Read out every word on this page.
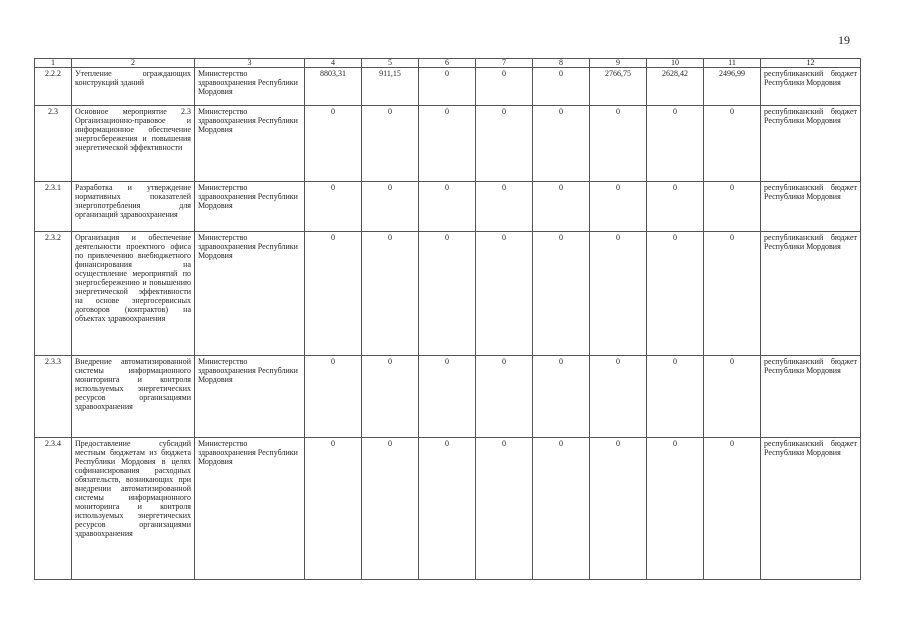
19
1	2	3	4	5	6	7	8	9	10	11	12
2.2.2	Утепление ограждающих конструкций зданий	Министерство здравоохранения Республики Мордовия	8803,31	911,15	0	0	0	2766,75	2628,42	2496,99	республиканский бюджет Республики Мордовия
2.3	Основное мероприятие 2.3 Организационно-правовое и информационное обеспечение энергосбережения и повышения энергетической эффективности	Министерство здравоохранения Республики Мордовия	0	0	0	0	0	0	0	0	республиканский бюджет Республики Мордовия
2.3.1	Разработка и утверждение нормативных показателей энергопотребления для организаций здравоохранения	Министерство здравоохранения Республики Мордовия	0	0	0	0	0	0	0	0	республиканский бюджет Республики Мордовия
2.3.2	Организация и обеспечение деятельности проектного офиса по привлечению внебюджетного финансирования на осуществление мероприятий по энергосбережению и повышению энергетической эффективности на основе энергосервисных договоров (контрактов) на объектах здравоохранения	Министерство здравоохранения Республики Мордовия	0	0	0	0	0	0	0	0	республиканский бюджет Республики Мордовия
2.3.3	Внедрение автоматизированной системы информационного мониторинга и контроля используемых энергетических ресурсов организациями здравоохранения	Министерство здравоохранения Республики Мордовия	0	0	0	0	0	0	0	0	республиканский бюджет Республики Мордовия
2.3.4	Предоставление субсидий местным бюджетам из бюджета Республики Мордовия в целях софинансирования расходных обязательств, возникающих при внедрении автоматизированной системы информационного мониторинга и контроля используемых энергетических ресурсов организациями здравоохранения	Министерство здравоохранения Республики Мордовия	0	0	0	0	0	0	0	0	республиканский бюджет Республики Мордовия
